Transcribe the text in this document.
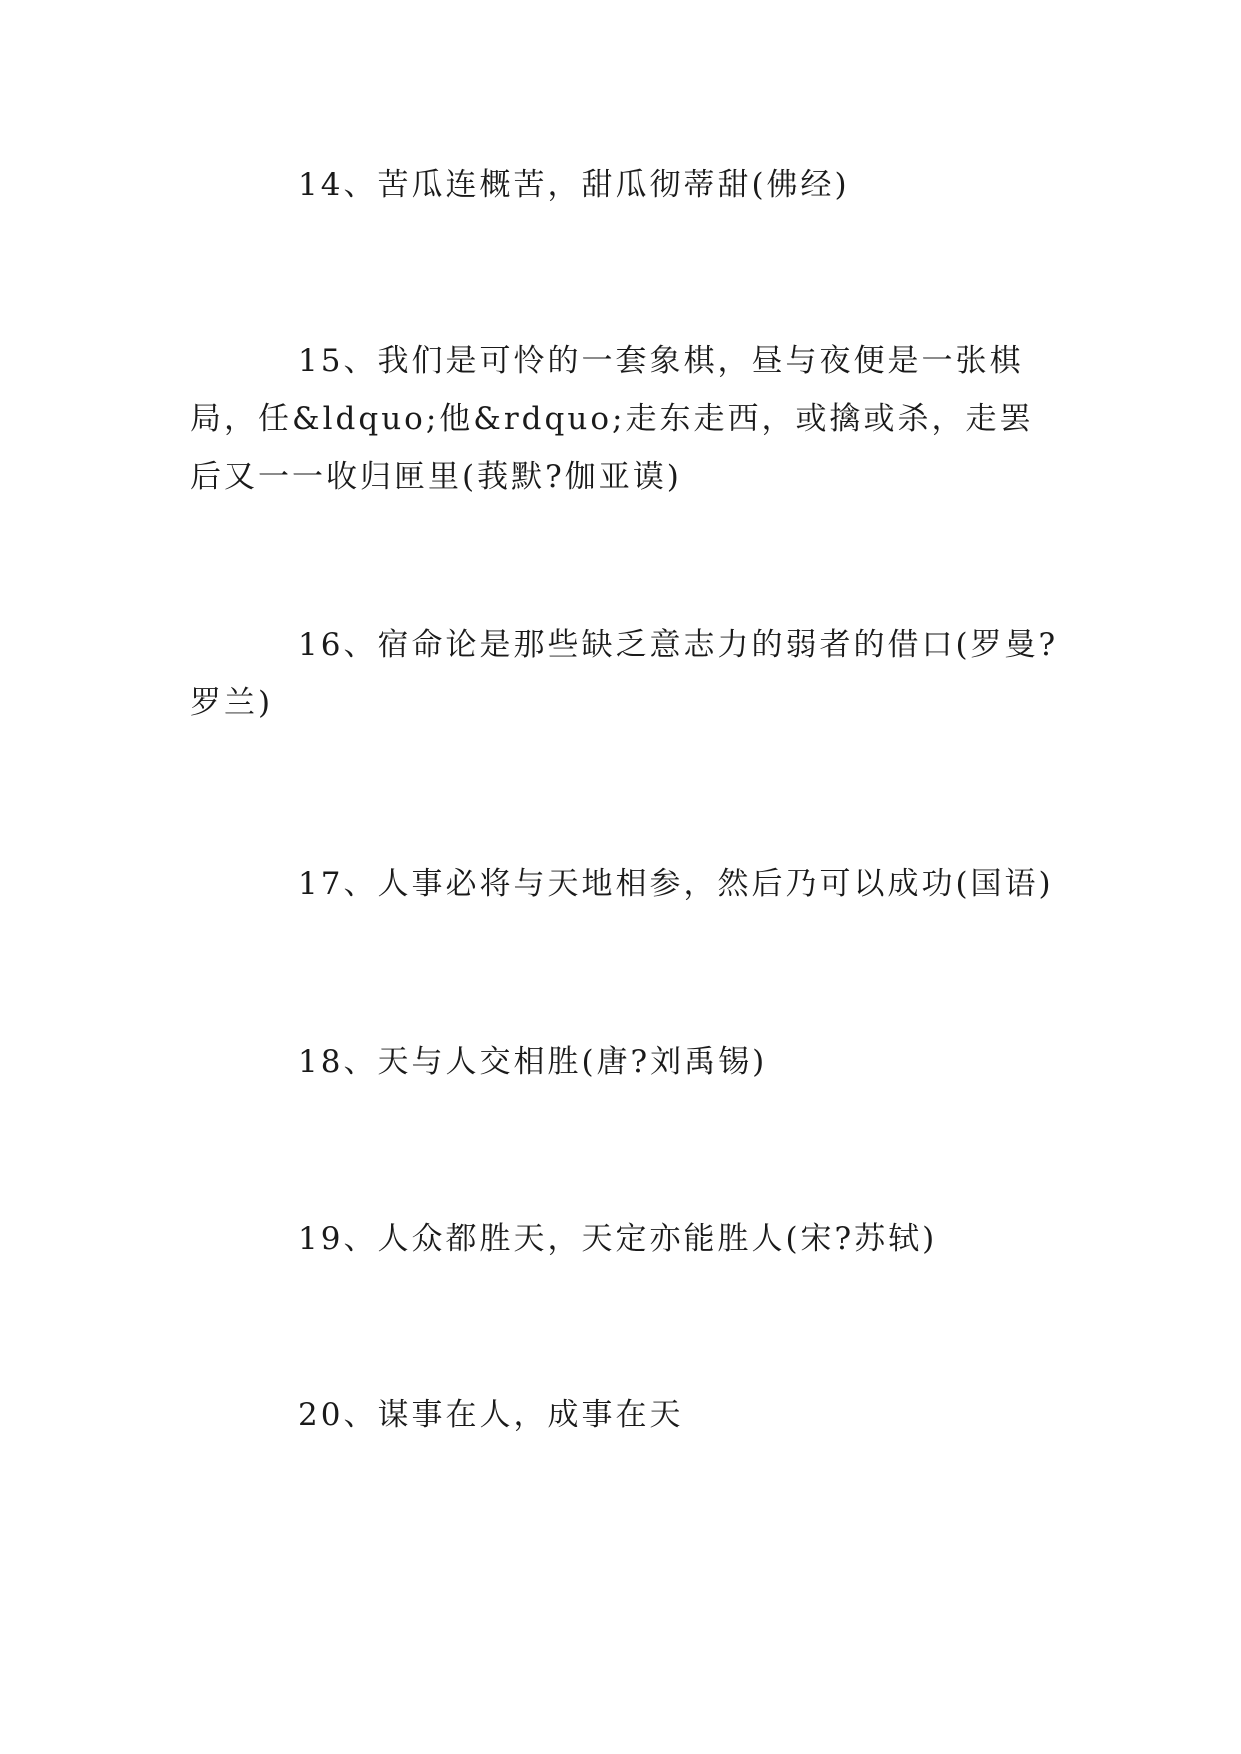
14、苦瓜连概苦，甜瓜彻蒂甜(佛经)

15、我们是可怜的一套象棋，昼与夜便是一张棋局，任&ldquo;他&rdquo;走东走西，或擒或杀，走罢后又一一收归匣里(莪默?伽亚谟)

16、宿命论是那些缺乏意志力的弱者的借口(罗曼?罗兰)

17、人事必将与天地相参，然后乃可以成功(国语)

18、天与人交相胜(唐?刘禹锡)

19、人众都胜天，天定亦能胜人(宋?苏轼)

20、谋事在人，成事在天
